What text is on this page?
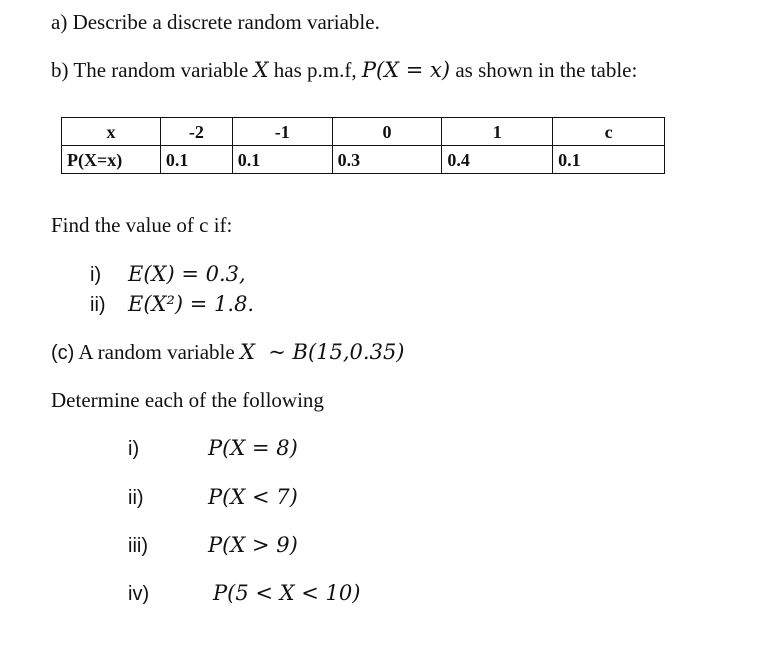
a) Describe a discrete random variable.
b) The random variable X has p.m.f, P(X = x) as shown in the table:
x	-2	-1	0	1	c
P(X=x)	0.1	0.1	0.3	0.4	0.1
Find the value of c if:
i) E(X) = 0.3,
ii) E(X²) = 1.8.
(c) A random variable X  ~ B(15,0.35)
Determine each of the following
i)	P(X = 8)
ii)	P(X < 7)
iii)	P(X > 9)
iv)	P(5 < X < 10)
